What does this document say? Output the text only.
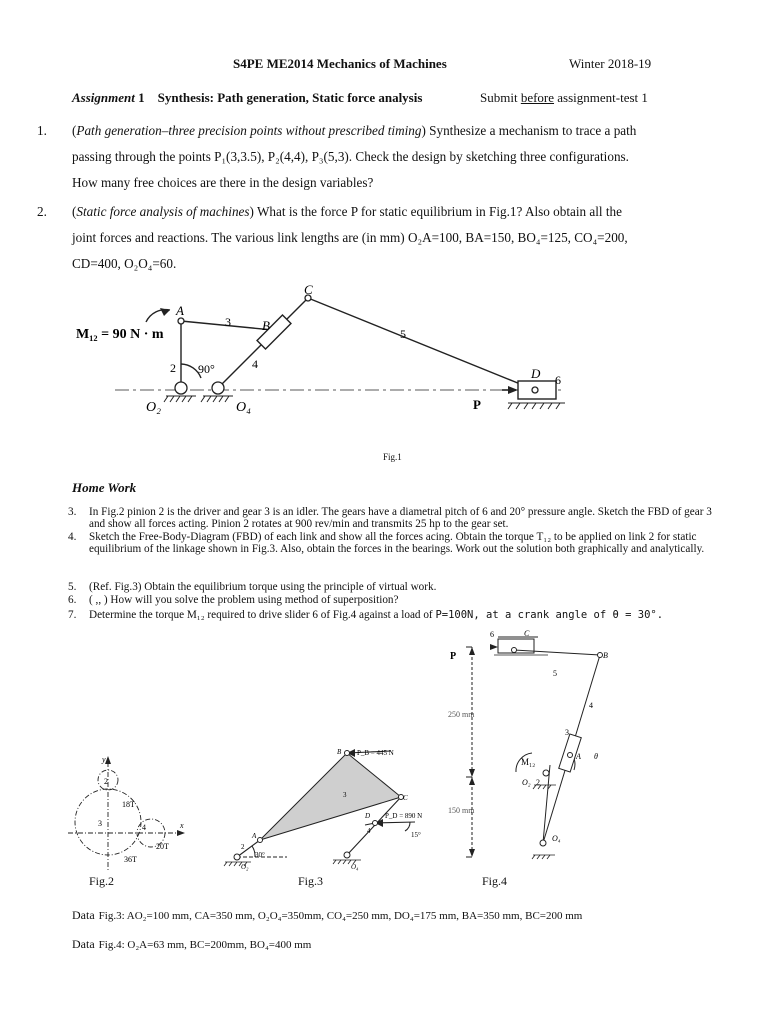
S4PE ME2014 Mechanics of Machines	Winter 2018-19
Assignment 1 Synthesis: Path generation, Static force analysis	Submit before assignment-test 1
1. (Path generation–three precision points without prescribed timing) Synthesize a mechanism to trace a path
passing through the points P₁(3,3.5), P₂(4,4), P₃(5,3). Check the design by sketching three configurations.
How many free choices are there in the design variables?
2. (Static force analysis of machines) What is the force P for static equilibrium in Fig.1? Also obtain all the
joint forces and reactions. The various link lengths are (in mm) O₂A=100, BA=150, BO₄=125, CO₄=200,
CD=400, O₂O₄=60.
M₁₂ = 90 N · m
A
B
C
D
O₂	O₄	P
2
3
4
5
6
90°
Fig.1
Home Work
3. In Fig.2 pinion 2 is the driver and gear 3 is an idler. The gears have a diametral pitch of 6 and 20° pressure angle. Sketch the FBD of gear 3 and show all forces acting. Pinion 2 rotates at 900 rev/min and transmits 25 hp to the gear set.
4. Sketch the Free-Body-Diagram (FBD) of each link and show all the forces acing. Obtain the torque T₁₂ to be applied on link 2 for static equilibrium of the linkage shown in Fig.3. Also, obtain the forces in the bearings. Work out the solution both graphically and analytically.
5. (Ref. Fig.3) Obtain the equilibrium torque using the principle of virtual work.
6. ( ,, ) How will you solve the problem using method of superposition?
7. Determine the torque M₁₂ required to drive slider 6 of Fig.4 against a load of P=100N, at a crank angle of θ = 30°.
y
x
2
3	4
18T
20T
36T
Fig.2
B P_B = 445 N
C
D P_D = 890 N
15°
A
30°
O₂	O₄
2
3
4
Fig.3
P
6	C
B
5
4
3
A θ
M₁₂
2
O₂
O₄
250 mm
150 mm
Fig.4
Data Fig.3: AO₂=100 mm, CA=350 mm, O₂O₄=350mm, CO₄=250 mm, DO₄=175 mm, BA=350 mm, BC=200 mm
Data Fig.4: O₂A=63 mm, BC=200mm, BO₄=400 mm
